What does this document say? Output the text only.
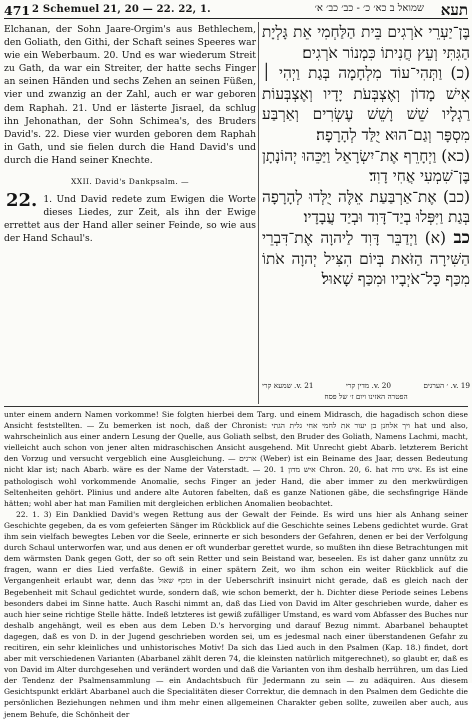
471 2 Schemuel 21, 20 — 22. 22, 1.	שמואל ב כא׳ כ׳ - כב׳ כב׳ א׳ תעא

Elchanan, der Sohn Jaare-Orgim's aus Bethlechem, den Goliath, den Githi, der Schaft seines Speeres war wie ein Weberbaum. 20. Und es war wiederum Streit zu Gath, da war ein Streiter, der hatte sechs Finger an seinen Händen und sechs Zehen an seinen Füßen, vier und zwanzig an der Zahl, auch er war geboren dem Raphah. 21. Und er lästerte Jisrael, da schlug ihn Jehonathan, der Sohn Schimea's, des Bruders David's. 22. Diese vier wurden geboren dem Raphah in Gath, und sie fielen durch die Hand David's und durch die Hand seiner Knechte.

XXII. David's Dankpsalm. —

22. 1. Und David redete zum Ewigen die Worte dieses Liedes, zur Zeit, als ihn der Ewige errettet aus der Hand aller seiner Feinde, so wie aus der Hand Schaul's.

בֶּן־יַעְרֵי אֹרְגִים בֵּית הַלַּחְמִי אֵת גָּלְיָת הַגִּתִּי וְעֵץ חֲנִיתוֹ כִּמְנוֹר אֹרְגִים׃

(כ) וַתְּהִי־עוֹד מִלְחָמָה בְּגַת וַיְהִי ׀ אִישׁ מָדוֹן וְאֶצְבְּעֹת יָדָיו וְאֶצְבְּעוֹת רַגְלָיו שֵׁשׁ וָשֵׁשׁ עֶשְׂרִים וְאַרְבַּע מִסְפָּר וְגַם־הוּא יֻלַּד לְהָרָפָה׃

(כא) וַיְחָרֵף אֶת־יִשְׂרָאֵל וַיַּכֵּהוּ יְהוֹנָתָן בֶּן־שִׁמְעִי אֲחִי דָוִד׃

(כב) אֶת־אַרְבַּעַת אֵלֶּה יֻלְּדוּ לְהָרָפָה בְּגַת וַיִּפְּלוּ בְיַד־דָּוִד וּבְיַד עֲבָדָיו׃

כב (א) וַיְדַבֵּר דָּוִד לַיהוָה אֶת־דִּבְרֵי הַשִּׁירָה הַזֹּאת בְּיוֹם הִצִּיל יְהוָה אֹתוֹ מִכַּף כָּל־אֹיְבָיו וּמִכַּף שָׁאוּל׃

v. 19. ׳ הערגים
v. 20. מדין קרי
v. 21. שמעא קרי
הפטרה האזינו ויום ז׳ של פסח

unter einem andern Namen vorkomme! Sie folgten hierbei dem Targ. und einem Midrasch, die hagadisch schon diese Ansicht feststellten. — Zu bemerken ist noch, daß der Chronist: ויך אלחנן בן יעור את לחמי אחי גלית הגתי hat und also, wahrscheinlich aus einer andern Lesung der Quelle, aus Goliath selbst, den Bruder des Goliath, Namens Lachmi, macht, vielleicht auch schon von jener alten midraschischen Ansicht ausgehend. Mit Unrecht giebt Abarb. letzterem Bericht den Vorzug und versucht vergeblich eine Ausgleichung. — ארגים (Weber) ist ein Beiname des Jaar, dessen Bedeutung nicht klar ist; nach Abarb. wäre es der Name der Vaterstadt. — 20. איש מדון 1 Chron. 20, 6. hat איש מדה. Es ist eine pathologisch wohl vorkommende Anomalie, sechs Finger an jeder Hand, die aber immer zu den merkwürdigen Seltenheiten gehört. Plinius und andere alte Autoren fabelten, daß es ganze Nationen gäbe, die sechsfingrige Hände hätten; wohl aber hat man Familien mit dergleichen erblichen Anomalien beobachtet.

22. 1. 3) Ein Danklied David's wegen Rettung aus der Gewalt der Feinde. Es wird uns hier als Anhang seiner Geschichte gegeben, da es vom gefeierten Sänger im Rückblick auf die Geschichte seines Lebens gedichtet wurde. Grat ihm sein vielfach bewegtes Leben vor die Seele, erinnerte er sich besonders der Gefahren, denen er bei der Verfolgung durch Schaul unterworfen war, und aus denen er oft wunderbar gerettet wurde, so mußten ihn diese Betrachtungen mit dem wärmsten Dank gegen Gott, der so oft sein Retter und sein Beistand war, beseelen. Es ist daher ganz unnütz zu fragen, wann er dies Lied verfaßte. Gewiß in einer spätern Zeit, wo ihm schon ein weiter Rückblick auf die Vergangenheit erlaubt war, denn das ומכף שאול in der Ueberschrift insinuirt nicht gerade, daß es gleich nach der Begebenheit mit Schaul gedichtet wurde, sondern daß, wie schon bemerkt, der h. Dichter diese Periode seines Lebens besonders dabei im Sinne hatte. Auch Raschi nimmt an, daß das Lied von David im Alter geschrieben wurde, daher es auch hier seine richtige Stelle hätte. Indeß letzteres ist gewiß zufälliger Umstand, es ward vom Abfasser des Buches nur deshalb angehängt, weil es eben aus dem Leben D.'s hervorging und darauf Bezug nimmt. Abarbanel behauptet dagegen, daß es von D. in der Jugend geschrieben worden sei, um es jedesmal nach einer überstandenen Gefahr zu recitiren, ein sehr kleinliches und unhistorisches Motiv! Da sich das Lied auch in den Psalmen (Kap. 18.) findet, dort aber mit verschiedenen Varianten (Abarbanel zählt deren 74, die kleinsten natürlich mitgerechnet), so glaubt er, daß es von David im Alter durchgesehen und verändert worden und daß die Varianten von ihm deshalb herrühren, um das Lied der Tendenz der Psalmensammlung — ein Andachtsbuch für Jedermann zu sein — zu adäquiren. Aus diesem Gesichtspunkt erklärt Abarbanel auch die Specialitäten dieser Correktur, die demnach in den Psalmen dem Gedichte die persönlichen Beziehungen nehmen und ihm mehr einen allgemeinen Charakter geben sollte, zuweilen aber auch, aus jenem Behufe, die Schönheit der
